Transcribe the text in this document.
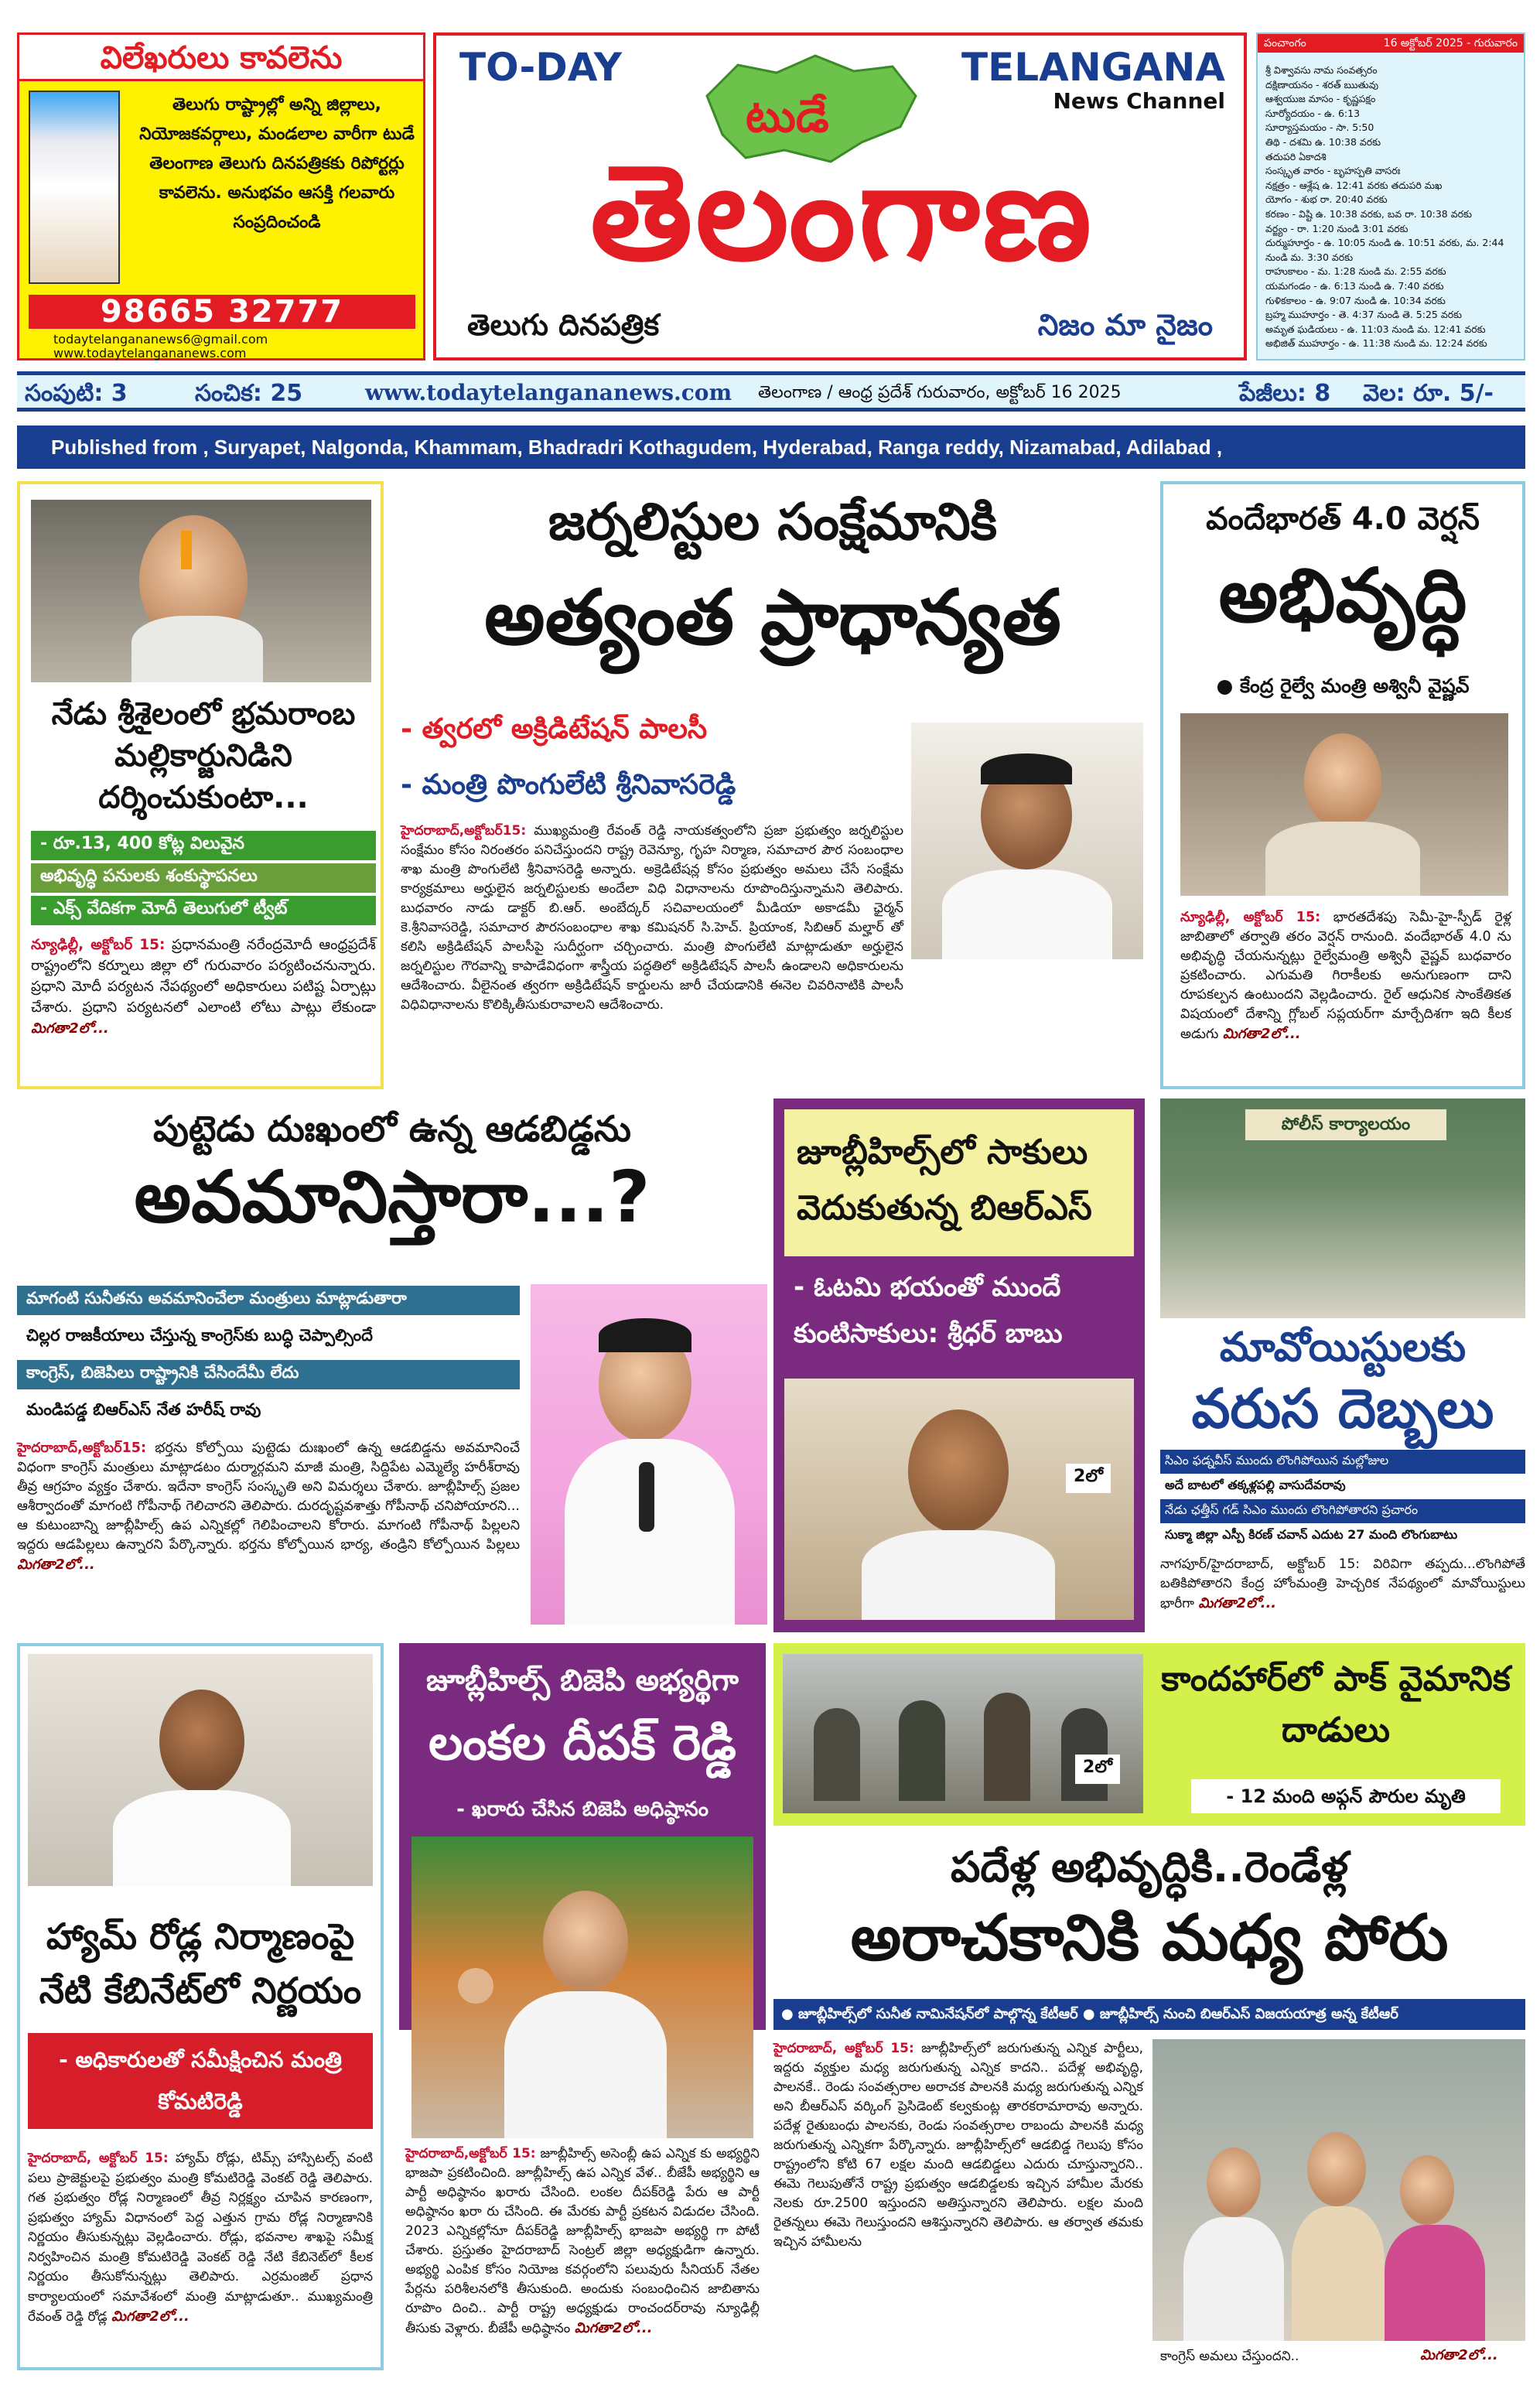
విలేఖరులు కావలెను
తెలుగు రాష్ట్రాల్లో అన్ని జిల్లాలు, నియోజకవర్గాలు, మండలాల వారీగా టుడే తెలంగాణ తెలుగు దినపత్రికకు రిపోర్టర్లు కావలెను. అనుభవం ఆసక్తి గలవారు సంప్రదించండి
98665 32777
todaytelangananews6@gmail.com
www.todaytelangananews.com
TO-DAY	TELANGANA
News Channel
టుడే
తెలంగాణ
తెలుగు దినపత్రిక	నిజం మా నైజం
పంచాంగం	16 అక్టోబర్ 2025 - గురువారం
శ్రీ విశ్వావసు నామ సంవత్సరం
దక్షిణాయనం - శరత్ ఋతువు
ఆశ్వయుజ మాసం - కృష్ణపక్షం
సూర్యోదయం - ఉ. 6:13
సూర్యాస్తమయం - సా. 5:50
తిథి - దశమి ఉ. 10:38 వరకు
తదుపరి ఏకాదశి
సంస్కృత వారం - బృహస్పతి వాసరః
నక్షత్రం - ఆశ్లేష ఉ. 12:41 వరకు తదుపరి మఖ
యోగం - శుభ రా. 20:40 వరకు
కరణం - విష్టి ఉ. 10:38 వరకు, బవ రా. 10:38 వరకు
వర్జ్యం - రా. 1:20 నుండి 3:01 వరకు
దుర్ముహూర్తం - ఉ. 10:05 నుండి ఉ. 10:51 వరకు, మ. 2:44 నుండి మ. 3:30 వరకు
రాహుకాలం - మ. 1:28 నుండి మ. 2:55 వరకు
యమగండం - ఉ. 6:13 నుండి ఉ. 7:40 వరకు
గుళికకాలం - ఉ. 9:07 నుండి ఉ. 10:34 వరకు
బ్రహ్మ ముహూర్తం - తె. 4:37 నుండి తె. 5:25 వరకు
అమృత ఘడియలు - ఉ. 11:03 నుండి మ. 12:41 వరకు
అభిజిత్ ముహూర్తం - ఉ. 11:38 నుండి మ. 12:24 వరకు
సంపుటి: 3	సంచిక: 25	www.todaytelangananews.com తెలంగాణ / ఆంధ్ర ప్రదేశ్ గురువారం, అక్టోబర్ 16 2025	పేజీలు: 8 వెల: రూ. 5/-
Published from , Suryapet, Nalgonda, Khammam, Bhadradri Kothagudem, Hyderabad, Ranga reddy, Nizamabad, Adilabad ,
నేడు శ్రీశైలంలో భ్రమరాంబ మల్లికార్జునిడిని దర్శించుకుంటా...
- రూ.13, 400 కోట్ల విలువైన
అభివృద్ధి పనులకు శంకుస్థాపనలు
- ఎక్స్ వేదికగా మోదీ తెలుగులో ట్వీట్
న్యూఢిల్లీ, అక్టోబర్ 15: ప్రధానమంత్రి నరేంద్రమోదీ ఆంధ్రప్రదేశ్ రాష్ట్రంలోని కర్నూలు జిల్లా లో గురువారం పర్యటించనున్నారు. ప్రధాని మోదీ పర్యటన నేపథ్యంలో అధికారులు పటిష్ట ఏర్పాట్లు చేశారు. ప్రధాని పర్యటనలో ఎలాంటి లోటు పాట్లు లేకుండా మిగతా2లో...
జర్నలిస్టుల సంక్షేమానికి
అత్యంత ప్రాధాన్యత
- త్వరలో అక్రిడిటేషన్ పాలసీ
- మంత్రి పొంగులేటి శ్రీనివాసరెడ్డి
హైదరాబాద్,అక్టోబర్15: ముఖ్యమంత్రి రేవంత్ రెడ్డి నాయకత్వంలోని ప్రజా ప్రభుత్వం జర్నలిస్టుల సంక్షేమం కోసం నిరంతరం పనిచేస్తుందని రాష్ట్ర రెవెన్యూ, గృహ నిర్మాణ, సమాచార పౌర సంబంధాల శాఖ మంత్రి పొంగులేటి శ్రీనివాసరెడ్డి అన్నారు. అక్రెడిటేషన్ల కోసం ప్రభుత్వం అమలు చేసే సంక్షేమ కార్యక్రమాలు అర్హులైన జర్నలిస్టులకు అందేలా విధి విధానాలను రూపొందిస్తున్నామని తెలిపారు. బుధవారం నాడు డాక్టర్ బి.ఆర్. అంబేద్కర్ సచివాలయంలో మీడియా అకాడమీ ఛైర్మన్ కె.శ్రీనివాసరెడ్డి, సమాచార పౌరసంబంధాల శాఖ కమిషనర్ సి.హెచ్. ప్రియాంక, సిబిఆర్ మల్హార్ తో కలిసి అక్రిడిటేషన్ పాలసీపై సుదీర్ఘంగా చర్చించారు. మంత్రి పొంగులేటి మాట్లాడుతూ అర్హులైన జర్నలిస్టుల గౌరవాన్ని కాపాడేవిధంగా శాస్త్రీయ పద్ధతిలో అక్రిడిటేషన్ పాలసీ ఉండాలని అధికారులను ఆదేశించారు. వీలైనంత త్వరగా అక్రిడిటేషన్ కార్డులను జారీ చేయడానికి ఈనెల చివరినాటికి పాలసీ విధివిధానాలను కొలిక్కితీసుకురావాలని ఆదేశించారు.
వందేభారత్ 4.0 వెర్షన్
అభివృద్ధి
● కేంద్ర రైల్వే మంత్రి అశ్వినీ వైష్ణవ్
న్యూఢిల్లీ, అక్టోబర్ 15: భారతదేశపు సెమీ-హై-స్పీడ్ రైళ్ల జాబితాలో తర్వాతి తరం వెర్షన్ రానుంది. వందేభారత్ 4.0 ను అభివృద్ధి చేయనున్నట్లు రైల్వేమంత్రి అశ్వినీ వైష్ణవ్ బుధవారం ప్రకటించారు. ఎగుమతి గిరాకీలకు అనుగుణంగా దాని రూపకల్పన ఉంటుందని వెల్లడించారు. రైల్ ఆధునిక సాంకేతికత విషయంలో దేశాన్ని గ్లోబల్ సప్లయర్‌గా మార్చేదిశగా ఇది కీలక అడుగు మిగతా2లో...
పుట్టెడు దుఃఖంలో ఉన్న ఆడబిడ్డను
అవమానిస్తారా...?
మాగంటి సునీతను అవమానించేలా మంత్రులు మాట్లాడుతారా
చిల్లర రాజకీయాలు చేస్తున్న కాంగ్రెస్‌కు బుద్ధి చెప్పాల్సిందే
కాంగ్రెస్, బిజెపిలు రాష్ట్రానికి చేసిందేమీ లేదు
మండిపడ్డ బిఆర్ఎస్ నేత హరీష్ రావు
హైదరాబాద్,అక్టోబర్15: భర్తను కోల్పోయి పుట్టెడు దుఃఖంలో ఉన్న ఆడబిడ్డను అవమానించే విధంగా కాంగ్రెస్ మంత్రులు మాట్లాడటం దుర్మార్గమని మాజీ మంత్రి, సిద్దిపేట ఎమ్మెల్యే హరీశ్‌రావు తీవ్ర ఆగ్రహం వ్యక్తం చేశారు. ఇదేనా కాంగ్రెస్ సంస్కృతి అని విమర్శలు చేశారు. జూబ్లీహిల్స్ ప్రజల ఆశీర్వాదంతో మాగంటి గోపీనాథ్ గెలిచారని తెలిపారు. దురదృష్టవశాత్తు గోపీనాథ్ చనిపోయారని... ఆ కుటుంబాన్ని జూబ్లీహిల్స్ ఉప ఎన్నికల్లో గెలిపించాలని కోరారు. మాగంటి గోపీనాథ్ పిల్లలని ఇద్దరు ఆడపిల్లలు ఉన్నారని పేర్కొన్నారు. భర్తను కోల్పోయిన భార్య, తండ్రిని కోల్పోయిన పిల్లలు మిగతా2లో...
జూబ్లీహిల్స్‌లో సాకులు వెదుకుతున్న బిఆర్ఎస్
- ఓటమి భయంతో ముందే కుంటిసాకులు: శ్రీధర్ బాబు
2లో
పోలీస్ కార్యాలయం
మావోయిస్టులకు
వరుస దెబ్బలు
సిఎం ఫడ్నవీస్ ముందు లొంగిపోయిన మల్లోజుల
అదే బాటలో తక్కళ్లపల్లి వాసుదేవరావు
నేడు ఛత్తీస్ గడ్ సిఎం ముందు లొంగిపోతారని ప్రచారం
సుక్మా జిల్లా ఎస్పీ కిరణ్ చవాన్ ఎదుట 27 మంది లొంగుబాటు
నాగపూర్/హైదరాబాద్, అక్టోబర్ 15: విరివిగా తప్పదు...లొంగిపోతే బతికిపోతారని కేంద్ర హోంమంత్రి హెచ్చరిక నేపథ్యంలో మావోయిస్టులు భారీగా మిగతా2లో...
హ్యామ్ రోడ్ల నిర్మాణంపై నేటి కేబినేట్‌లో నిర్ణయం
- అధికారులతో సమీక్షించిన మంత్రి కోమటిరెడ్డి
హైదరాబాద్, అక్టోబర్ 15: హ్యామ్ రోడ్లు, టిమ్స్ హాస్పిటల్స్ వంటి పలు ప్రాజెక్టులపై ప్రభుత్వం మంత్రి కోమటిరెడ్డి వెంకట్ రెడ్డి తెలిపారు. గత ప్రభుత్వం రోడ్ల నిర్మాణంలో తీవ్ర నిర్లక్ష్యం చూపిన కారణంగా, ప్రభుత్వం హ్యామ్ విధానంలో పెద్ద ఎత్తున గ్రామ రోడ్ల నిర్మాణానికి నిర్ణయం తీసుకున్నట్లు వెల్లడించారు. రోడ్లు, భవనాల శాఖపై సమీక్ష నిర్వహించిన మంత్రి కోమటిరెడ్డి వెంకట్ రెడ్డి నేటి కేబినెట్‌లో కీలక నిర్ణయం తీసుకోనున్నట్లు తెలిపారు. ఎర్రమంజిల్ ప్రధాన కార్యాలయంలో సమావేశంలో మంత్రి మాట్లాడుతూ.. ముఖ్యమంత్రి రేవంత్ రెడ్డి రోడ్ల మిగతా2లో...
జూబ్లీహిల్స్ బిజెపి అభ్యర్థిగా
లంకల దీపక్ రెడ్డి
- ఖరారు చేసిన బిజెపి అధిష్ఠానం
హైదరాబాద్,అక్టోబర్ 15: జూబ్లీహిల్స్ అసెంబ్లీ ఉప ఎన్నిక కు అభ్యర్థిని భాజపా ప్రకటించింది. జూబ్లీహిల్స్ ఉప ఎన్నిక వేళ.. బీజేపీ అభ్యర్థిని ఆ పార్టీ అధిష్ఠానం ఖరారు చేసింది. లంకల దీపక్‌రెడ్డి పేరు ఆ పార్టీ అధిష్ఠానం ఖరా రు చేసింది. ఈ మేరకు పార్టీ ప్రకటన విడుదల చేసింది. 2023 ఎన్నికల్లోనూ దీపక్‌రెడ్డి జూబ్లీహిల్స్ భాజపా అభ్యర్థి గా పోటీ చేశారు. ప్రస్తుతం హైదరాబాద్ సెంట్రల్ జిల్లా అధ్యక్షుడిగా ఉన్నారు. అభ్యర్థి ఎంపిక కోసం నియోజ కవర్గంలోని పలువురు సీనియర్ నేతల పేర్లను పరిశీలనలోకి తీసుకుంది. అందుకు సంబంధించిన జాబితాను రూపొం దించి.. పార్టీ రాష్ట్ర అధ్యక్షుడు రాంచందర్‌రావు న్యూఢిల్లీ తీసుకు వెళ్లారు. బీజేపీ అధిష్ఠానం మిగతా2లో...
2లో
కాందహార్‌లో పాక్ వైమానిక దాడులు
- 12 మంది అఫ్గన్ పౌరుల మృతి
పదేళ్ల అభివృద్ధికి..రెండేళ్ల
అరాచకానికి మధ్య పోరు
● జూబ్లీహిల్స్‌లో సునీత నామినేషన్‌లో పాల్గొన్న కేటీఆర్ ● జూబ్లీహిల్స్ నుంచి బిఆర్ఎస్ విజయయాత్ర అన్న కేటీఆర్
హైదరాబాద్, అక్టోబర్ 15: జూబ్లీహిల్స్‌లో జరుగుతున్న ఎన్నిక పార్టీలు, ఇద్దరు వ్యక్తుల మధ్య జరుగుతున్న ఎన్నిక కాదని.. పదేళ్ల అభివృద్ధి, పాలనకే.. రెండు సంవత్సరాల అరాచక పాలనకి మధ్య జరుగుతున్న ఎన్నిక అని బీఆర్ఎస్ వర్కింగ్ ప్రెసిడెంట్ కల్వకుంట్ల తారకరామారావు అన్నారు. పదేళ్ల రైతుబంధు పాలనకు, రెండు సంవత్సరాల రాబందు పాలనకి మధ్య జరుగుతున్న ఎన్నికగా పేర్కొన్నారు. జూబ్లీహిల్స్‌లో ఆడబిడ్డ గెలుపు కోసం రాష్ట్రంలోని కోటి 67 లక్షల మంది ఆడబిడ్డలు ఎదురు చూస్తున్నారని.. ఈమె గెలుపుతోనే రాష్ట్ర ప్రభుత్వం ఆడబిడ్డలకు ఇచ్చిన హామీల మేరకు నెలకు రూ.2500 ఇస్తుందని అతిస్తున్నారని తెలిపారు. లక్షల మంది రైతన్నలు ఈమె గెలుస్తుందని ఆశిస్తున్నారని తెలిపారు. ఆ తర్వాత తమకు ఇచ్చిన హామీలను
కాంగ్రెస్ అమలు చేస్తుందని..	మిగతా2లో...
